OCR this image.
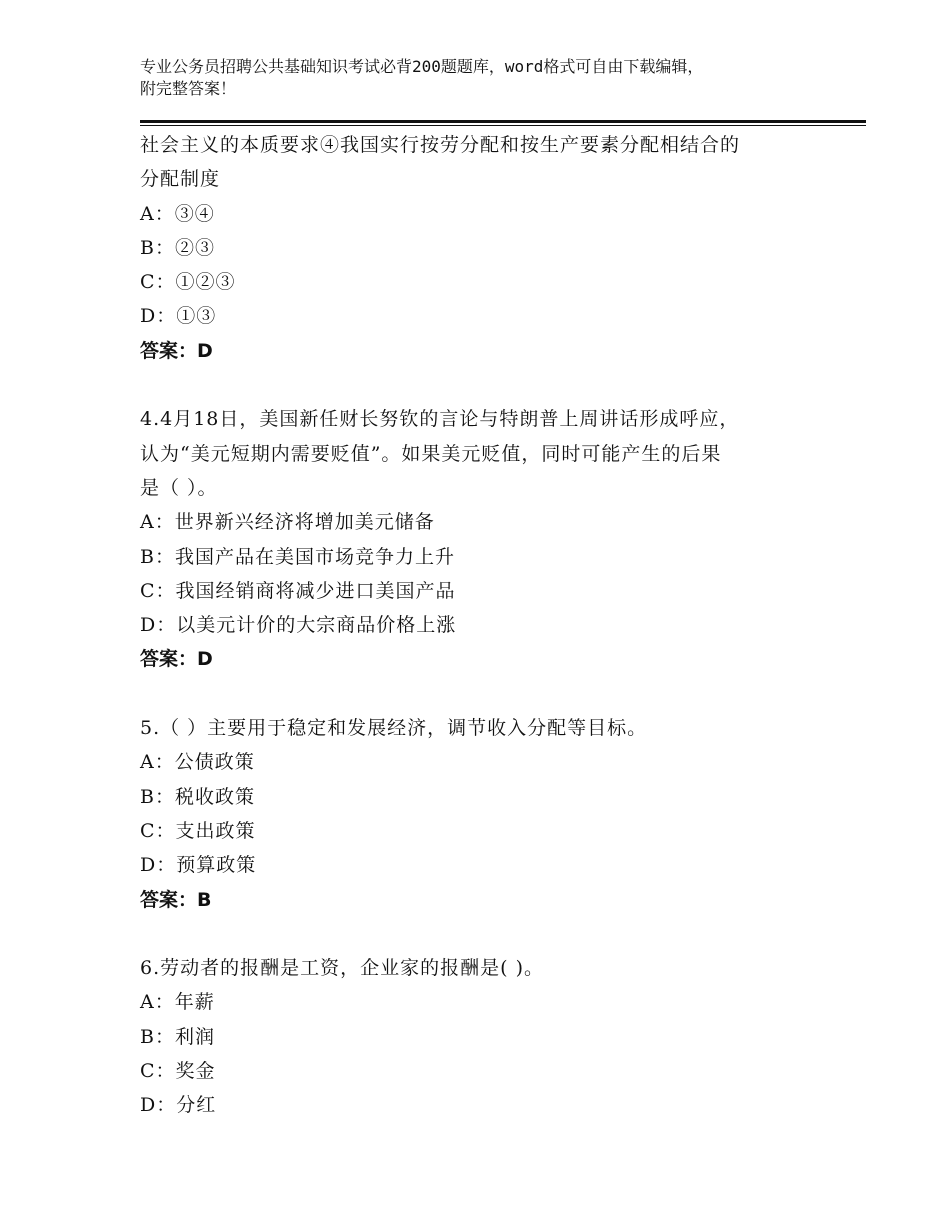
专业公务员招聘公共基础知识考试必背200题题库，word格式可自由下载编辑，
附完整答案！
社会主义的本质要求④我国实行按劳分配和按生产要素分配相结合的
分配制度
A：③④
B：②③
C：①②③
D：①③
答案：D
4.4月18日，美国新任财长努钦的言论与特朗普上周讲话形成呼应，
认为“美元短期内需要贬值”。如果美元贬值，同时可能产生的后果
是（ ）。
A：世界新兴经济将增加美元储备
B：我国产品在美国市场竞争力上升
C：我国经销商将减少进口美国产品
D：以美元计价的大宗商品价格上涨
答案：D
5.（ ）主要用于稳定和发展经济，调节收入分配等目标。
A：公债政策
B：税收政策
C：支出政策
D：预算政策
答案：B
6.劳动者的报酬是工资，企业家的报酬是( )。
A：年薪
B：利润
C：奖金
D：分红
